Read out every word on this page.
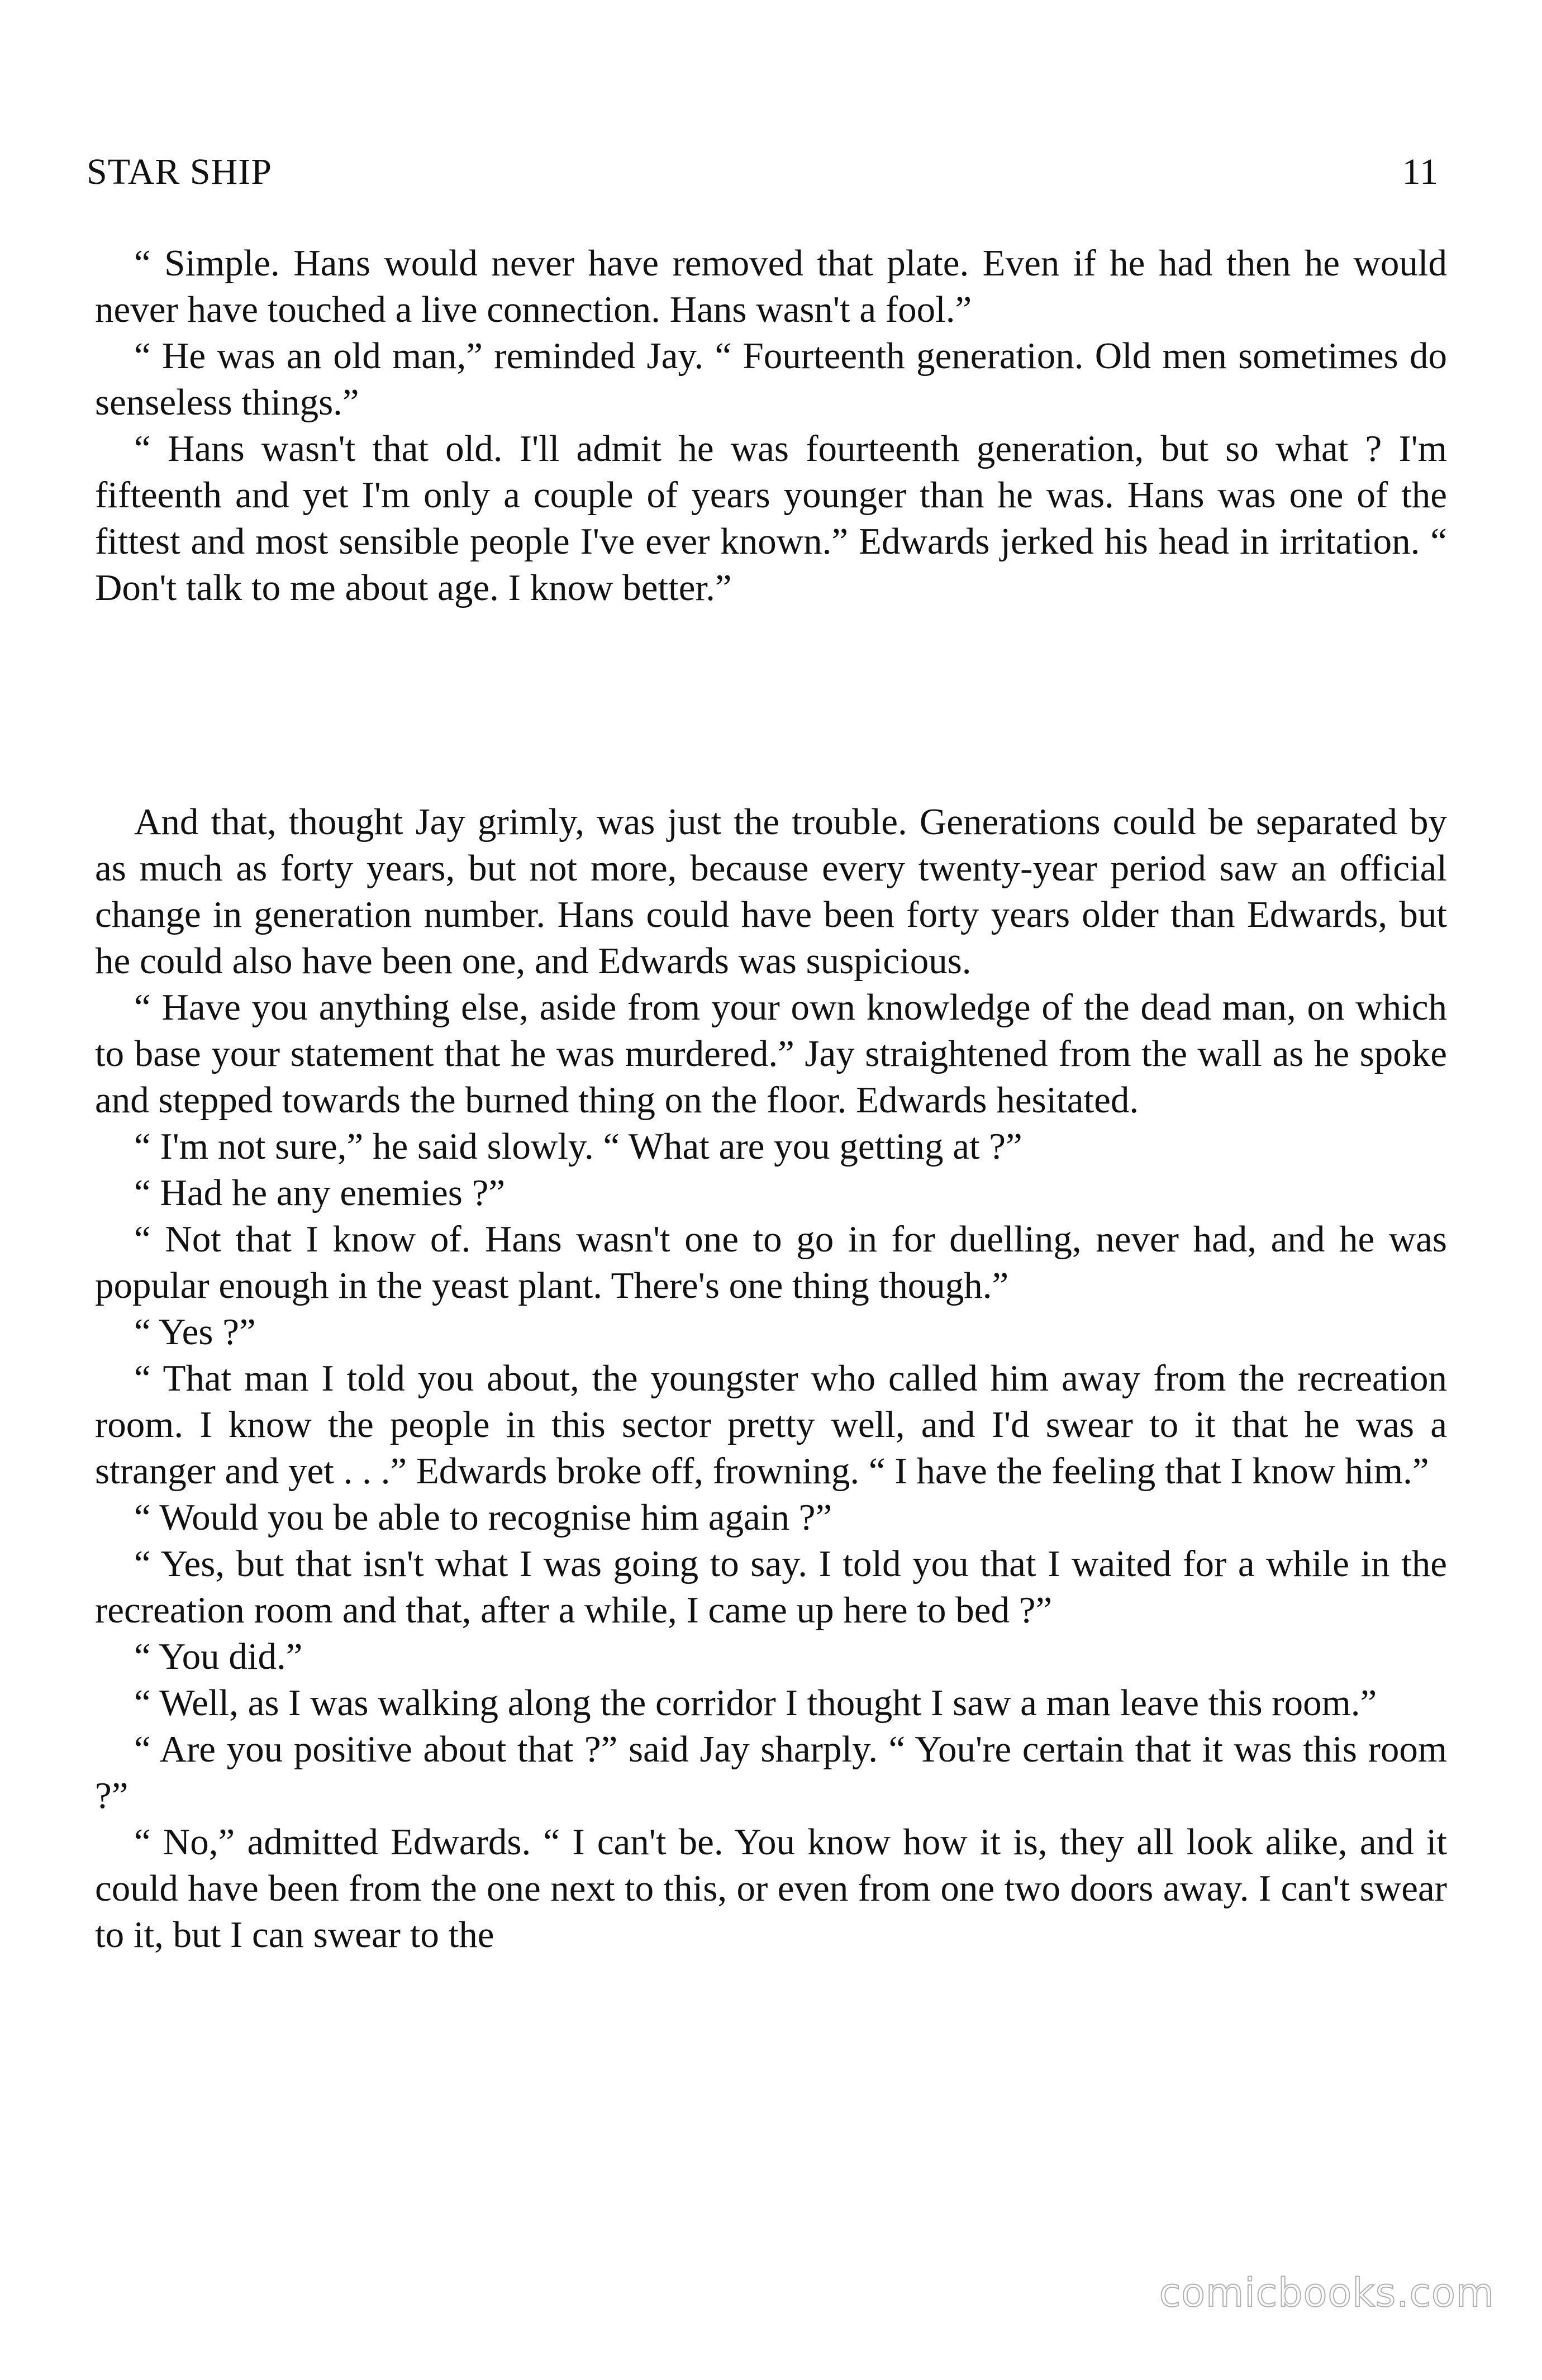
STAR SHIP	11

“ Simple. Hans would never have removed that plate. Even if he had then he would never have touched a live connection. Hans wasn't a fool.”

“ He was an old man,” reminded Jay. “ Fourteenth generation. Old men sometimes do senseless things.”

“ Hans wasn't that old. I'll admit he was fourteenth generation, but so what ? I'm fifteenth and yet I'm only a couple of years younger than he was. Hans was one of the fittest and most sensible people I've ever known.” Edwards jerked his head in irritation. “ Don't talk to me about age. I know better.”

And that, thought Jay grimly, was just the trouble. Generations could be separated by as much as forty years, but not more, because every twenty-year period saw an official change in generation number. Hans could have been forty years older than Edwards, but he could also have been one, and Edwards was suspicious.

“ Have you anything else, aside from your own knowledge of the dead man, on which to base your statement that he was murdered.” Jay straightened from the wall as he spoke and stepped towards the burned thing on the floor. Edwards hesitated.

“ I'm not sure,” he said slowly. “ What are you getting at ?”

“ Had he any enemies ?”

“ Not that I know of. Hans wasn't one to go in for duelling, never had, and he was popular enough in the yeast plant. There's one thing though.”

“ Yes ?”

“ That man I told you about, the youngster who called him away from the recreation room. I know the people in this sector pretty well, and I'd swear to it that he was a stranger and yet . . .” Edwards broke off, frowning. “ I have the feeling that I know him.”

“ Would you be able to recognise him again ?”

“ Yes, but that isn't what I was going to say. I told you that I waited for a while in the recreation room and that, after a while, I came up here to bed ?”

“ You did.”

“ Well, as I was walking along the corridor I thought I saw a man leave this room.”

“ Are you positive about that ?” said Jay sharply. “ You're certain that it was this room ?”

“ No,” admitted Edwards. “ I can't be. You know how it is, they all look alike, and it could have been from the one next to this, or even from one two doors away. I can't swear to it, but I can swear to the

comicbooks.com
